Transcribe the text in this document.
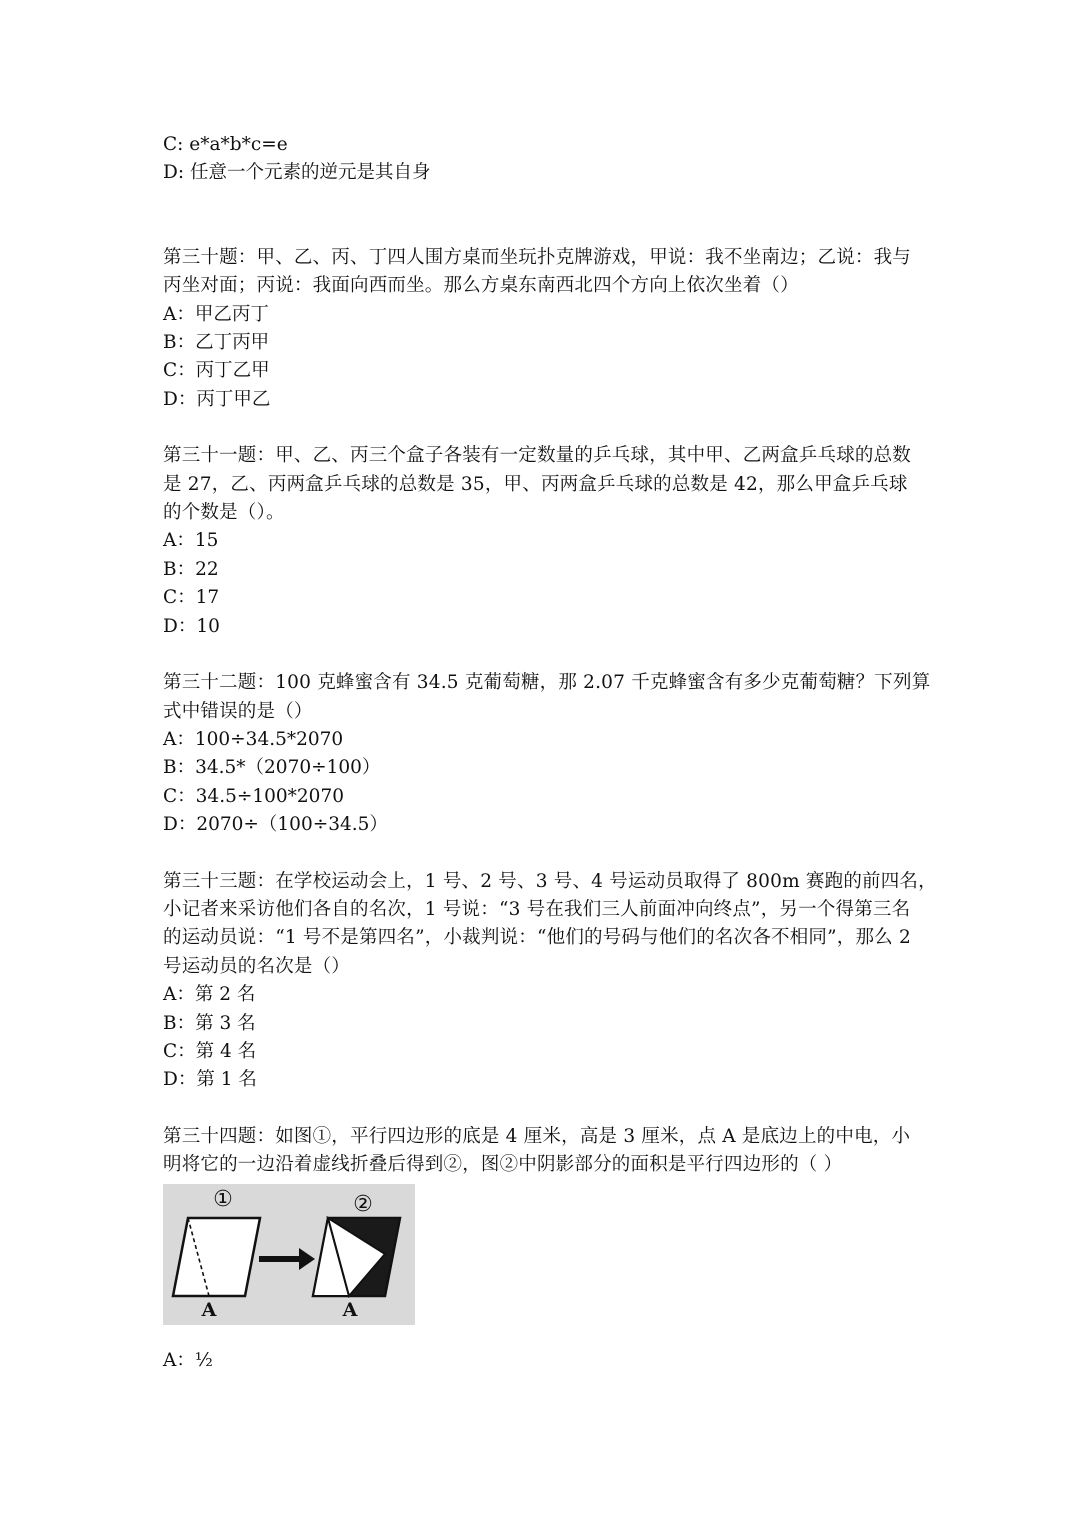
C: e*a*b*c=e
D: 任意一个元素的逆元是其自身
第三十题：甲、乙、丙、丁四人围方桌而坐玩扑克牌游戏，甲说：我不坐南边；乙说：我与
丙坐对面；丙说：我面向西而坐。那么方桌东南西北四个方向上依次坐着（）
A：甲乙丙丁
B：乙丁丙甲
C：丙丁乙甲
D：丙丁甲乙
第三十一题：甲、乙、丙三个盒子各装有一定数量的乒乓球，其中甲、乙两盒乒乓球的总数
是 27，乙、丙两盒乒乓球的总数是 35，甲、丙两盒乒乓球的总数是 42，那么甲盒乒乓球
的个数是（）。
A：15
B：22
C：17
D：10
第三十二题：100 克蜂蜜含有 34.5 克葡萄糖，那 2.07 千克蜂蜜含有多少克葡萄糖？下列算
式中错误的是（）
A：100÷34.5*2070
B：34.5*（2070÷100）
C：34.5÷100*2070
D：2070÷（100÷34.5）
第三十三题：在学校运动会上，1 号、2 号、3 号、4 号运动员取得了 800m 赛跑的前四名，
小记者来采访他们各自的名次，1 号说：“3 号在我们三人前面冲向终点”，另一个得第三名
的运动员说：“1 号不是第四名”，小裁判说：“他们的号码与他们的名次各不相同”，那么 2
号运动员的名次是（）
A：第 2 名
B：第 3 名
C：第 4 名
D：第 1 名
第三十四题：如图①，平行四边形的底是 4 厘米，高是 3 厘米，点 A 是底边上的中电，小
明将它的一边沿着虚线折叠后得到②，图②中阴影部分的面积是平行四边形的（ ）
①	②
A	A
A：½
